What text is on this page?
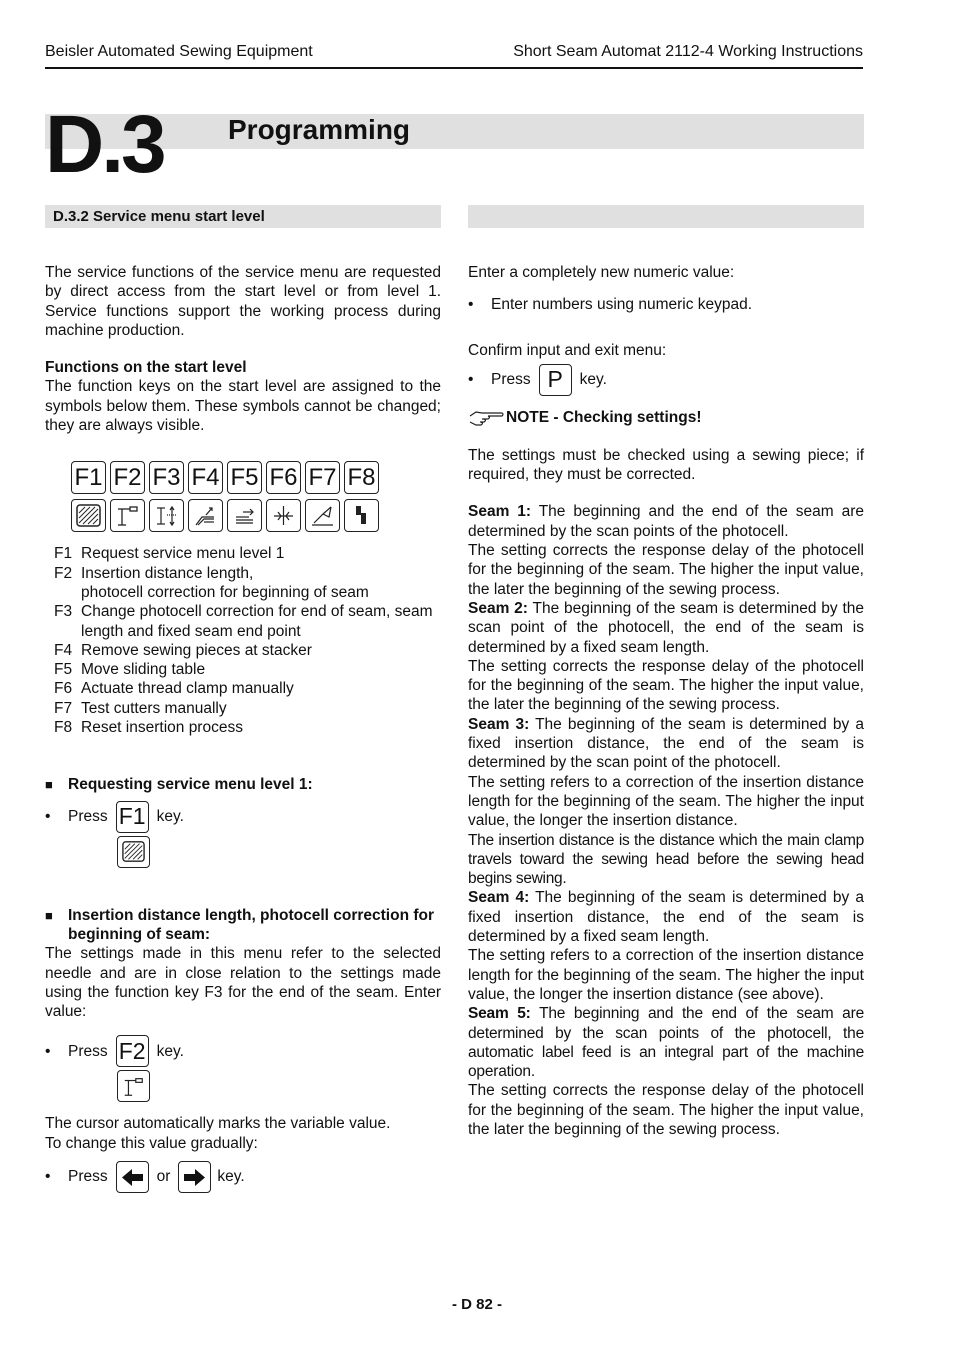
Beisler Automated Sewing Equipment	Short Seam Automat 2112-4 Working Instructions
D.3 Programming
D.3.2 Service menu start level

The service functions of the service menu are requested by direct access from the start level or from level 1. Service functions support the working process during machine production.

Functions on the start level

The function keys on the start level are assigned to the symbols below them. These symbols cannot be changed; they are always visible.

F1 F2 F3 F4 F5 F6 F7 F8
F1 Request service menu level 1
F2 Insertion distance length,
photocell correction for beginning of seam
F3 Change photocell correction for end of seam, seam
length and fixed seam end point
F4 Remove sewing pieces at stacker
F5 Move sliding table
F6 Actuate thread clamp manually
F7 Test cutters manually
F8 Reset insertion process
■ Requesting service menu level 1:
•	Press F1 key.
■ Insertion distance length, photocell correction for
beginning of seam:

The settings made in this menu refer to the selected needle and are in close relation to the settings made using the function key F3 for the end of the seam. Enter value:

•	Press F2 key.

The cursor automatically marks the variable value.
To change this value gradually:

•	Press	or	key.

Enter a completely new numeric value:

•	Enter numbers using numeric keypad.

Confirm input and exit menu:

•	Press P	key.
NOTE - Checking settings!

The settings must be checked using a sewing piece; if required, they must be corrected.

Seam 1: The beginning and the end of the seam are determined by the scan points of the photocell.

The setting corrects the response delay of the photocell for the beginning of the seam. The higher the input value, the later the beginning of the sewing process.

Seam 2: The beginning of the seam is determined by the scan point of the photocell, the end of the seam is determined by a fixed seam length.

The setting corrects the response delay of the photocell for the beginning of the seam. The higher the input value, the later the beginning of the sewing process.

Seam 3: The beginning of the seam is determined by a fixed insertion distance, the end of the seam is determined by the scan point of the photocell.

The setting refers to a correction of the insertion distance length for the beginning of the seam. The higher the input value, the longer the insertion distance.

The insertion distance is the distance which the main clamp travels toward the sewing head before the sewing head begins sewing.

Seam 4: The beginning of the seam is determined by a fixed insertion distance, the end of the seam is determined by a fixed seam length.

The setting refers to a correction of the insertion distance length for the beginning of the seam. The higher the input value, the longer the insertion distance (see above).

Seam 5: The beginning and the end of the seam are determined by the scan points of the photocell, the automatic label feed is an integral part of the machine operation.

The setting corrects the response delay of the photocell for the beginning of the seam. The higher the input value, the later the beginning of the sewing process.

- D 82 -
